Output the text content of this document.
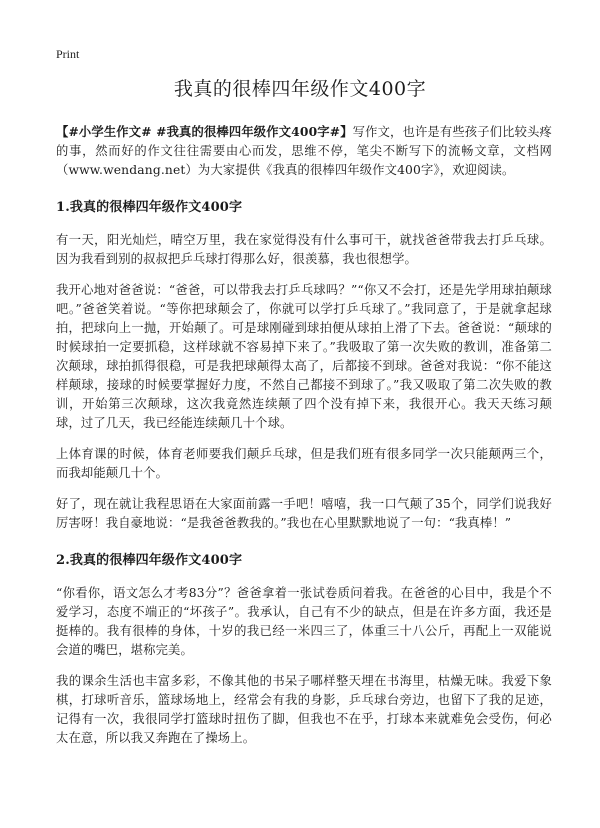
Print
我真的很棒四年级作文400字

【#小学生作文# #我真的很棒四年级作文400字#】写作文，也许是有些孩子们比较头疼的事，然而好的作文往往需要由心而发，思维不停，笔尖不断写下的流畅文章，文档网（www.wendang.net）为大家提供《我真的很棒四年级作文400字》，欢迎阅读。

1.我真的很棒四年级作文400字

有一天，阳光灿烂，晴空万里，我在家觉得没有什么事可干，就找爸爸带我去打乒乓球。因为我看到别的叔叔把乒乓球打得那么好，很羡慕，我也很想学。

我开心地对爸爸说：“爸爸，可以带我去打乒乓球吗？”“你又不会打，还是先学用球拍颠球吧。”爸爸笑着说。“等你把球颠会了，你就可以学打乒乓球了。”我同意了，于是就拿起球拍，把球向上一抛，开始颠了。可是球刚碰到球拍便从球拍上滑了下去。爸爸说：“颠球的时候球拍一定要抓稳，这样球就不容易掉下来了。”我吸取了第一次失败的教训，准备第二次颠球，球拍抓得很稳，可是我把球颠得太高了，后都接不到球。爸爸对我说：“你不能这样颠球，接球的时候要掌握好力度，不然自己都接不到球了。”我又吸取了第二次失败的教训，开始第三次颠球，这次我竟然连续颠了四个没有掉下来，我很开心。我天天练习颠球，过了几天，我已经能连续颠几十个球。

上体育课的时候，体育老师要我们颠乒乓球，但是我们班有很多同学一次只能颠两三个，而我却能颠几十个。

好了，现在就让我程思语在大家面前露一手吧！嘻嘻，我一口气颠了35个，同学们说我好厉害呀！我自豪地说：“是我爸爸教我的。”我也在心里默默地说了一句：“我真棒！”

2.我真的很棒四年级作文400字

“你看你，语文怎么才考83分”？爸爸拿着一张试卷质问着我。在爸爸的心目中，我是个不爱学习，态度不端正的“坏孩子”。我承认，自己有不少的缺点，但是在许多方面，我还是挺棒的。我有很棒的身体，十岁的我已经一米四三了，体重三十八公斤，再配上一双能说会道的嘴巴，堪称完美。

我的课余生活也丰富多彩，不像其他的书呆子哪样整天埋在书海里，枯燥无味。我爱下象棋，打球听音乐，篮球场地上，经常会有我的身影，乒乓球台旁边，也留下了我的足迹，记得有一次，我很同学打篮球时扭伤了脚，但我也不在乎，打球本来就难免会受伤，何必太在意，所以我又奔跑在了操场上。
